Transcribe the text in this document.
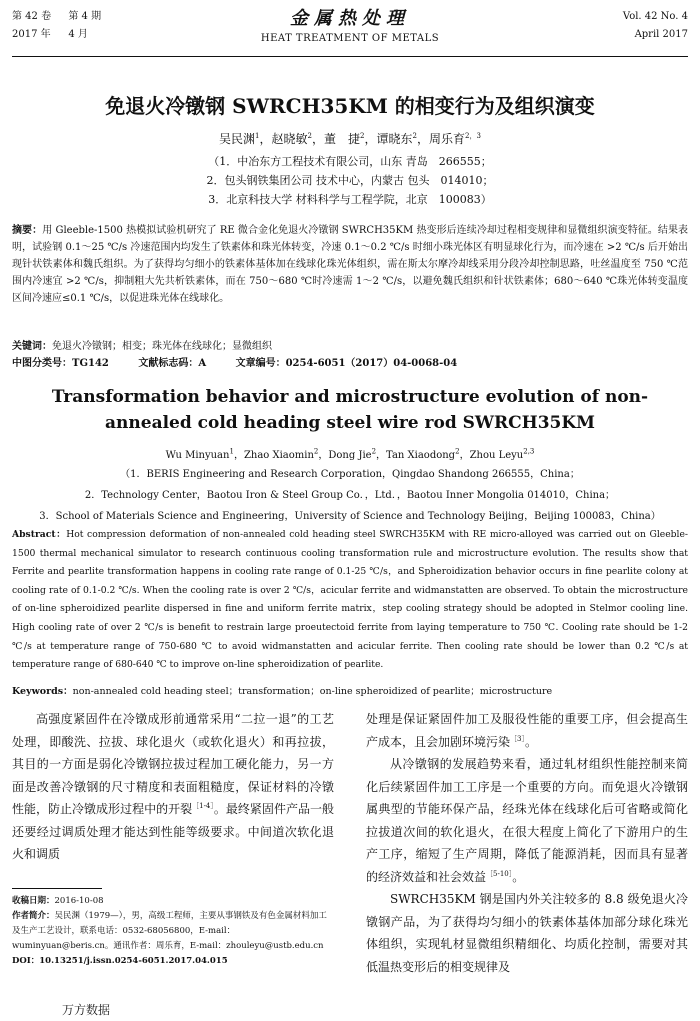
第 42 卷 第 4 期
2017 年 4 月
金属热处理
HEAT TREATMENT OF METALS
Vol. 42 No. 4
April 2017
免退火冷镦钢 SWRCH35KM 的相变行为及组织演变
吴民渊$^1$，赵晓敏$^2$，董　捷$^2$，谭晓东$^2$，周乐育$^{2,3}$
（1．中冶东方工程技术有限公司，山东 青岛　266555；
2．包头钢铁集团公司 技术中心，内蒙古 包头　014010；
3．北京科技大学 材料科学与工程学院，北京　100083）
摘要：用 Gleeble-1500 热模拟试验机研究了 RE 微合金化免退火冷镦钢 SWRCH35KM 热变形后连续冷却过程相变规律和显微组织演变特征。结果表明，试验钢 0.1～25 ℃/s 冷速范围内均发生了铁素体和珠光体转变，冷速 0.1～0.2 ℃/s 时细小珠光体区有明显球化行为，而冷速在 >2 ℃/s 后开始出现针状铁素体和魏氏组织。为了获得均匀细小的铁素体基体加在线球化珠光体组织，需在斯太尔摩冷却线采用分段冷却控制思路，吐丝温度至 750 ℃范围内冷速宜 >2 ℃/s，抑制粗大先共析铁素体，而在 750～680 ℃时冷速需 1～2 ℃/s，以避免魏氏组织和针状铁素体；680～640 ℃珠光体转变温度区间冷速应≤0.1 ℃/s，以促进珠光体在线球化。
关键词：免退火冷镦钢；相变；珠光体在线球化；显微组织
中图分类号：TG142	文献标志码：A	文章编号：0254-6051（2017）04-0068-04
Transformation behavior and microstructure evolution of non-annealed cold heading steel wire rod SWRCH35KM
Wu Minyuan$^1$，Zhao Xiaomin$^2$，Dong Jie$^2$，Tan Xiaodong$^2$，Zhou Leyu$^{2,3}$
（1．BERIS Engineering and Research Corporation，Qingdao Shandong 266555，China；
2．Technology Center，Baotou Iron & Steel Group Co．，Ltd．，Baotou Inner Mongolia 014010，China；
3．School of Materials Science and Engineering，University of Science and Technology Beijing，Beijing 100083，China）
Abstract：Hot compression deformation of non-annealed cold heading steel SWRCH35KM with RE micro-alloyed was carried out on Gleeble-1500 thermal mechanical simulator to research continuous cooling transformation rule and microstructure evolution. The results show that Ferrite and pearlite transformation happens in cooling rate range of 0.1-25 ℃/s，and Spheroidization behavior occurs in fine pearlite colony at cooling rate of 0.1-0.2 ℃/s. When the cooling rate is over 2 ℃/s，acicular ferrite and widmanstatten are observed. To obtain the microstructure of on-line spheroidized pearlite dispersed in fine and uniform ferrite matrix，step cooling strategy should be adopted in Stelmor cooling line. High cooling rate of over 2 ℃/s is benefit to restrain large proeutectoid ferrite from laying temperature to 750 ℃. Cooling rate should be 1-2 ℃/s at temperature range of 750-680 ℃ to avoid widmanstatten and acicular ferrite. Then cooling rate should be lower than 0.2 ℃/s at temperature range of 680-640 ℃ to improve on-line spheroidization of pearlite.
Keywords：non-annealed cold heading steel；transformation；on-line spheroidized of pearlite；microstructure

高强度紧固件在冷镦成形前通常采用“二拉一退”的工艺处理，即酸洗、拉拔、球化退火（或软化退火）和再拉拔，其目的一方面是弱化冷镦钢拉拔过程加工硬化能力，另一方面是改善冷镦钢的尺寸精度和表面粗糙度，保证材料的冷镦性能，防止冷镦成形过程中的开裂$^{[1-4]}$。最终紧固件产品一般还要经过调质处理才能达到性能等级要求。中间道次软化退火和调质

收稿日期：2016-10-08
作者简介：吴民渊（1979—），男，高级工程师，主要从事钢铁及有色金属材料加工及生产工艺设计，联系电话：0532-68056800，E-mail：wuminyuan@beris.cn。通讯作者：周乐育，E-mail：zhouleyu@ustb.edu.cn
DOI：10.13251/j.issn.0254-6051.2017.04.015

处理是保证紧固件加工及服役性能的重要工序，但会提高生产成本，且会加剧环境污染$^{[3]}$。

从冷镦钢的发展趋势来看，通过轧材组织性能控制来简化后续紧固件加工工序是一个重要的方向。而免退火冷镦钢属典型的节能环保产品，经珠光体在线球化后可省略或简化拉拔道次间的软化退火，在很大程度上简化了下游用户的生产工序，缩短了生产周期，降低了能源消耗，因而具有显著的经济效益和社会效益$^{[5-10]}$。

SWRCH35KM 钢是国内外关注较多的 8.8 级免退火冷镦钢产品，为了获得均匀细小的铁素体基体加部分球化珠光体组织，实现轧材显微组织精细化、均质化控制，需要对其低温热变形后的相变规律及

万方数据
